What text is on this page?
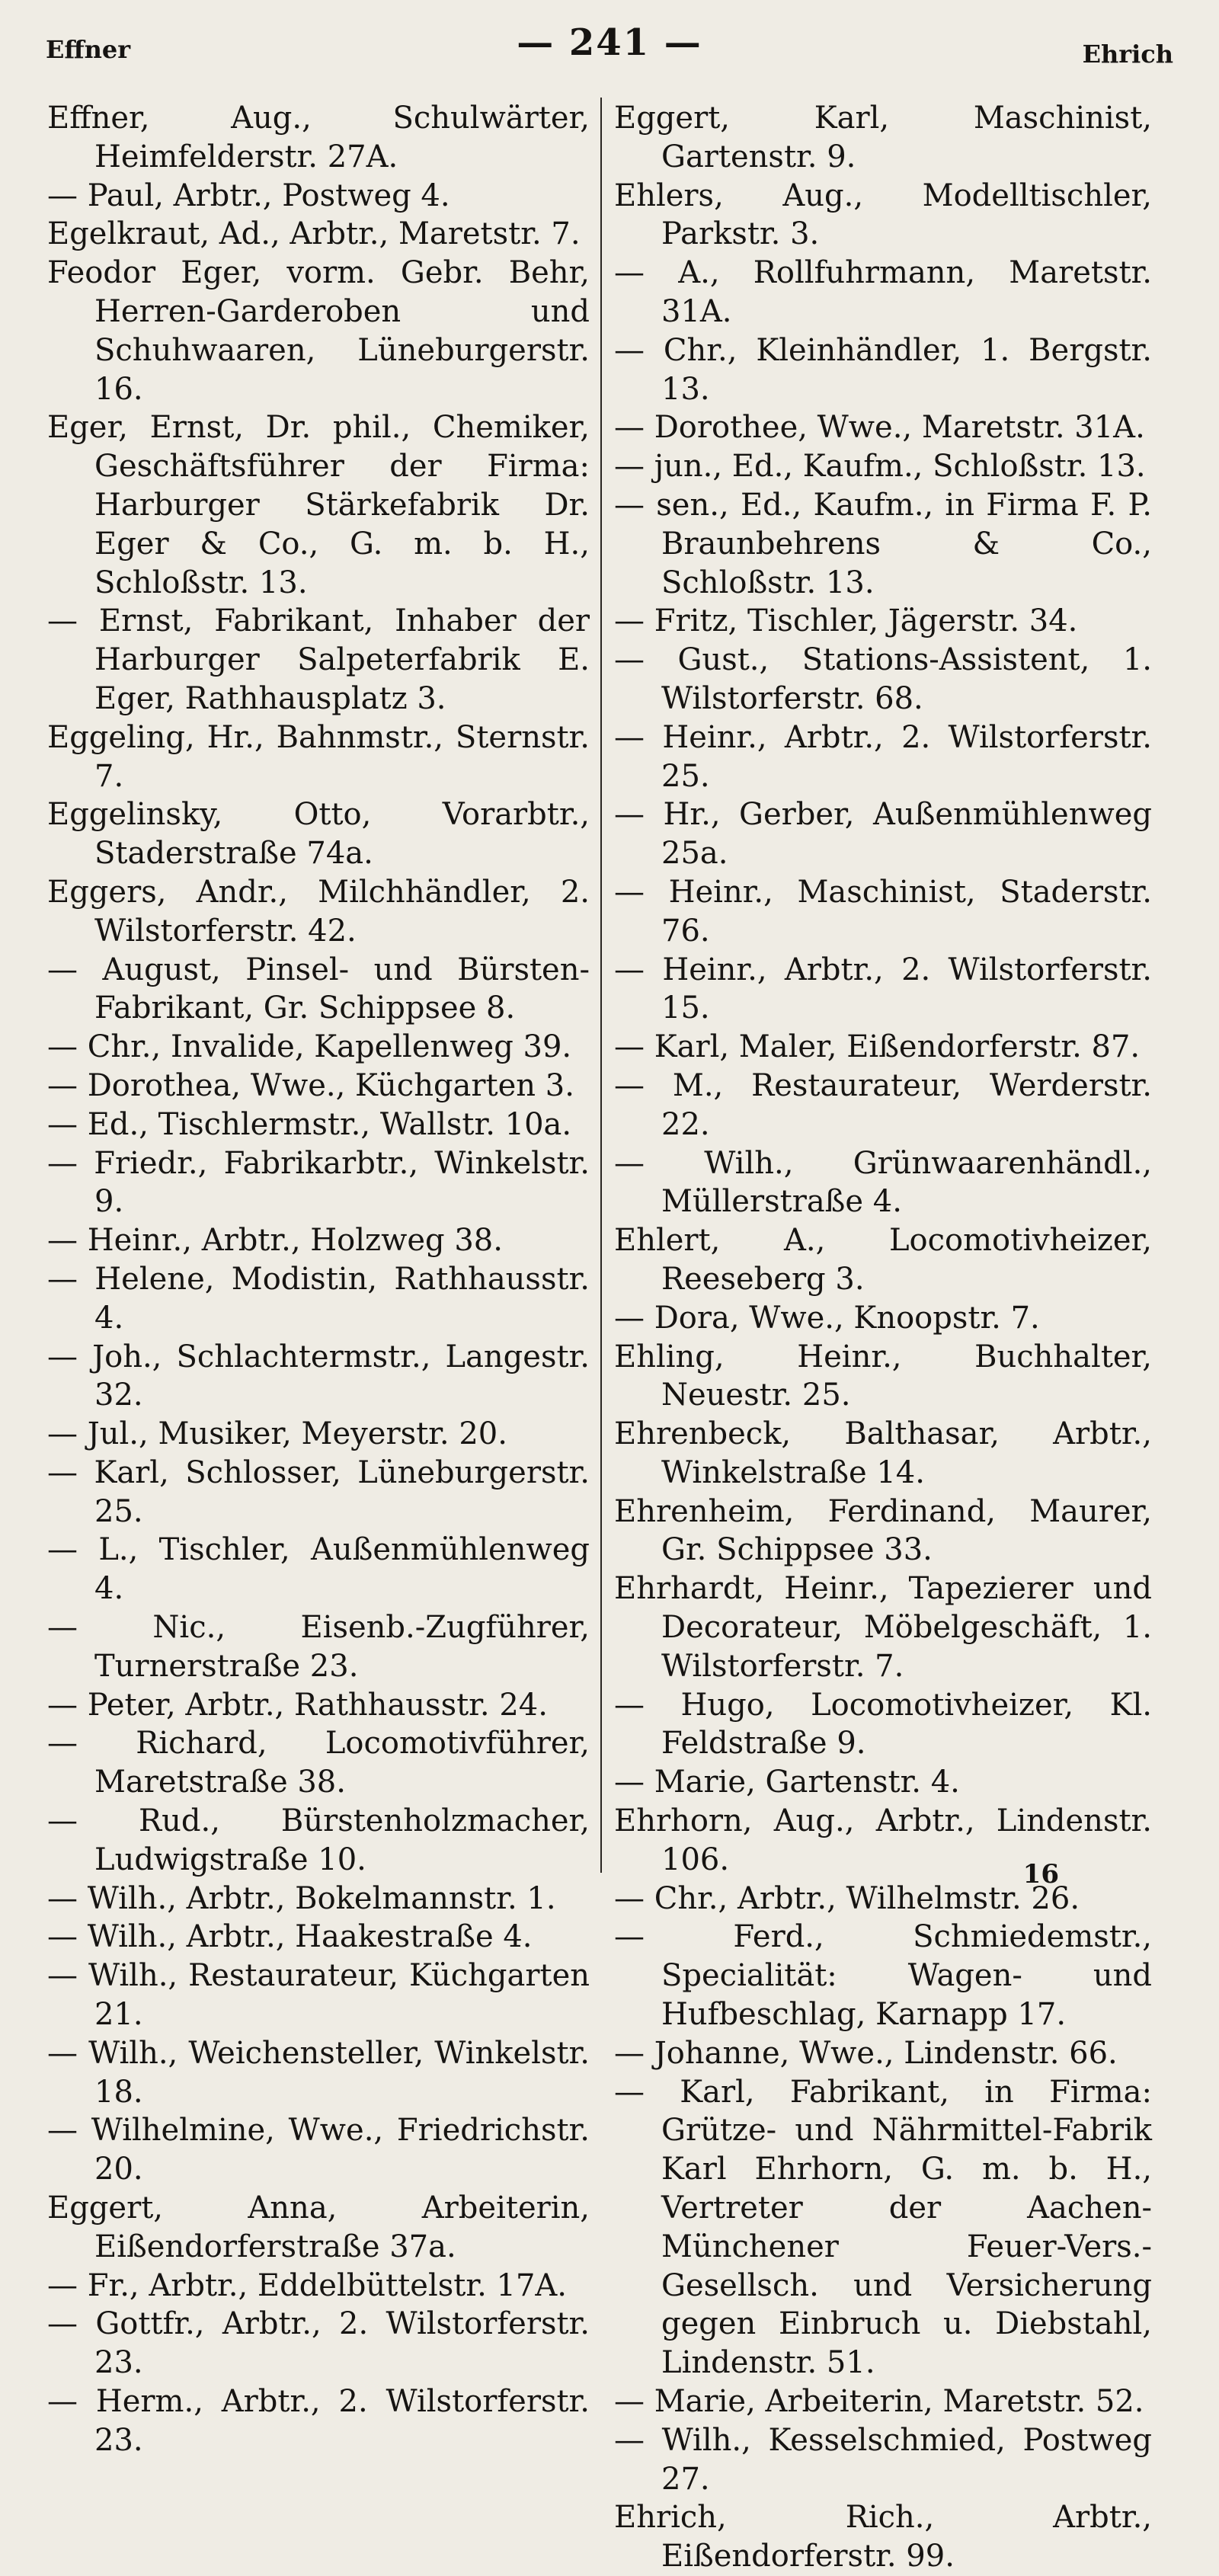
Effner	— 241 —	Ehrich
Effner, Aug., Schulwärter, Heimfelderstr. 27A.
— Paul, Arbtr., Postweg 4.
Egelkraut, Ad., Arbtr., Maretstr. 7.
Feodor Eger, vorm. Gebr. Behr, Herren-Garderoben und Schuhwaaren, Lüneburgerstr. 16.
Eger, Ernst, Dr. phil., Chemiker, Geschäftsführer der Firma: Harburger Stärkefabrik Dr. Eger & Co., G. m. b. H., Schloßstr. 13.
— Ernst, Fabrikant, Inhaber der Harburger Salpeterfabrik E. Eger, Rathhausplatz 3.
Eggeling, Hr., Bahnmstr., Sternstr. 7.
Eggelinsky, Otto, Vorarbtr., Staderstraße 74a.
Eggers, Andr., Milchhändler, 2. Wilstorferstr. 42.
— August, Pinsel- und Bürsten-Fabrikant, Gr. Schippsee 8.
— Chr., Invalide, Kapellenweg 39.
— Dorothea, Wwe., Küchgarten 3.
— Ed., Tischlermstr., Wallstr. 10a.
— Friedr., Fabrikarbtr., Winkelstr. 9.
— Heinr., Arbtr., Holzweg 38.
— Helene, Modistin, Rathhausstr. 4.
— Joh., Schlachtermstr., Langestr. 32.
— Jul., Musiker, Meyerstr. 20.
— Karl, Schlosser, Lüneburgerstr. 25.
— L., Tischler, Außenmühlenweg 4.
— Nic., Eisenb.-Zugführer, Turnerstraße 23.
— Peter, Arbtr., Rathhausstr. 24.
— Richard, Locomotivführer, Maretstraße 38.
— Rud., Bürstenholzmacher, Ludwigstraße 10.
— Wilh., Arbtr., Bokelmannstr. 1.
— Wilh., Arbtr., Haakestraße 4.
— Wilh., Restaurateur, Küchgarten 21.
— Wilh., Weichensteller, Winkelstr. 18.
— Wilhelmine, Wwe., Friedrichstr. 20.
Eggert, Anna, Arbeiterin, Eißendorferstraße 37a.
— Fr., Arbtr., Eddelbüttelstr. 17A.
— Gottfr., Arbtr., 2. Wilstorferstr. 23.
— Herm., Arbtr., 2. Wilstorferstr. 23.
Eggert, Karl, Maschinist, Gartenstr. 9.
Ehlers, Aug., Modelltischler, Parkstr. 3.
— A., Rollfuhrmann, Maretstr. 31A.
— Chr., Kleinhändler, 1. Bergstr. 13.
— Dorothee, Wwe., Maretstr. 31A.
— jun., Ed., Kaufm., Schloßstr. 13.
— sen., Ed., Kaufm., in Firma F. P. Braunbehrens & Co., Schloßstr. 13.
— Fritz, Tischler, Jägerstr. 34.
— Gust., Stations-Assistent, 1. Wilstorferstr. 68.
— Heinr., Arbtr., 2. Wilstorferstr. 25.
— Hr., Gerber, Außenmühlenweg 25a.
— Heinr., Maschinist, Staderstr. 76.
— Heinr., Arbtr., 2. Wilstorferstr. 15.
— Karl, Maler, Eißendorferstr. 87.
— M., Restaurateur, Werderstr. 22.
— Wilh., Grünwaarenhändl., Müllerstraße 4.
Ehlert, A., Locomotivheizer, Reeseberg 3.
— Dora, Wwe., Knoopstr. 7.
Ehling, Heinr., Buchhalter, Neuestr. 25.
Ehrenbeck, Balthasar, Arbtr., Winkelstraße 14.
Ehrenheim, Ferdinand, Maurer, Gr. Schippsee 33.
Ehrhardt, Heinr., Tapezierer und Decorateur, Möbelgeschäft, 1. Wilstorferstr. 7.
— Hugo, Locomotivheizer, Kl. Feldstraße 9.
— Marie, Gartenstr. 4.
Ehrhorn, Aug., Arbtr., Lindenstr. 106.
— Chr., Arbtr., Wilhelmstr. 26.
— Ferd., Schmiedemstr., Specialität: Wagen- und Hufbeschlag, Karnapp 17.
— Johanne, Wwe., Lindenstr. 66.
— Karl, Fabrikant, in Firma: Grütze- und Nährmittel-Fabrik Karl Ehrhorn, G. m. b. H., Vertreter der Aachen-Münchener Feuer-Vers.-Gesellsch. und Versicherung gegen Einbruch u. Diebstahl, Lindenstr. 51.
— Marie, Arbeiterin, Maretstr. 52.
— Wilh., Kesselschmied, Postweg 27.
Ehrich, Rich., Arbtr., Eißendorferstr. 99.
16
